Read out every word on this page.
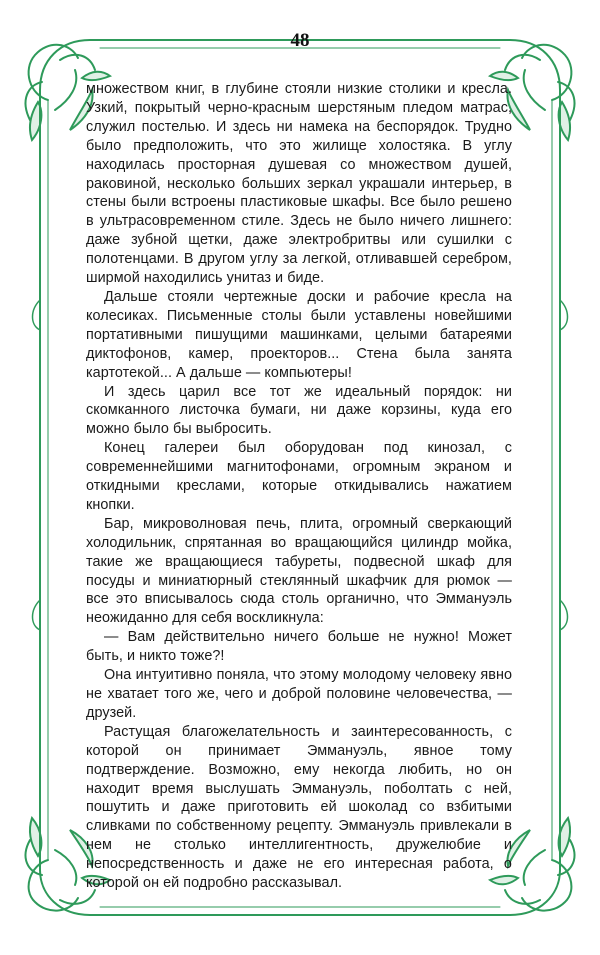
48

множеством книг, в глубине стояли низкие столики и кресла. Узкий, покрытый черно-красным шерстяным пледом матрас, служил постелью. И здесь ни намека на беспорядок. Трудно было предположить, что это жилище холостяка. В углу находилась просторная душевая со множеством душей, раковиной, несколько больших зеркал украшали интерьер, в стены были встроены пластиковые шкафы. Все было решено в ультрасовременном стиле. Здесь не было ничего лишнего: даже зубной щетки, даже электробритвы или сушилки с полотенцами. В другом углу за легкой, отливавшей серебром, ширмой находились унитаз и биде.

Дальше стояли чертежные доски и рабочие кресла на колесиках. Письменные столы были уставлены новейшими портативными пишущими машинками, целыми батареями диктофонов, камер, проекторов... Стена была занята картотекой... А дальше — компьютеры!

И здесь царил все тот же идеальный порядок: ни скомканного листочка бумаги, ни даже корзины, куда его можно было бы выбросить.

Конец галереи был оборудован под кинозал, с современнейшими магнитофонами, огромным экраном и откидными креслами, которые откидывались нажатием кнопки.

Бар, микроволновая печь, плита, огромный сверкающий холодильник, спрятанная во вращающийся цилиндр мойка, такие же вращающиеся табуреты, подвесной шкаф для посуды и миниатюрный стеклянный шкафчик для рюмок — все это вписывалось сюда столь органично, что Эммануэль неожиданно для себя воскликнула:

— Вам действительно ничего больше не нужно! Может быть, и никто тоже?!

Она интуитивно поняла, что этому молодому человеку явно не хватает того же, чего и доброй половине человечества, — друзей.

Растущая благожелательность и заинтересованность, с которой он принимает Эммануэль, явное тому подтверждение. Возможно, ему некогда любить, но он находит время выслушать Эммануэль, поболтать с ней, пошутить и даже приготовить ей шоколад со взбитыми сливками по собственному рецепту. Эммануэль привлекали в нем не столько интеллигентность, дружелюбие и непосредственность и даже не его интересная работа, о которой он ей подробно рассказывал.
